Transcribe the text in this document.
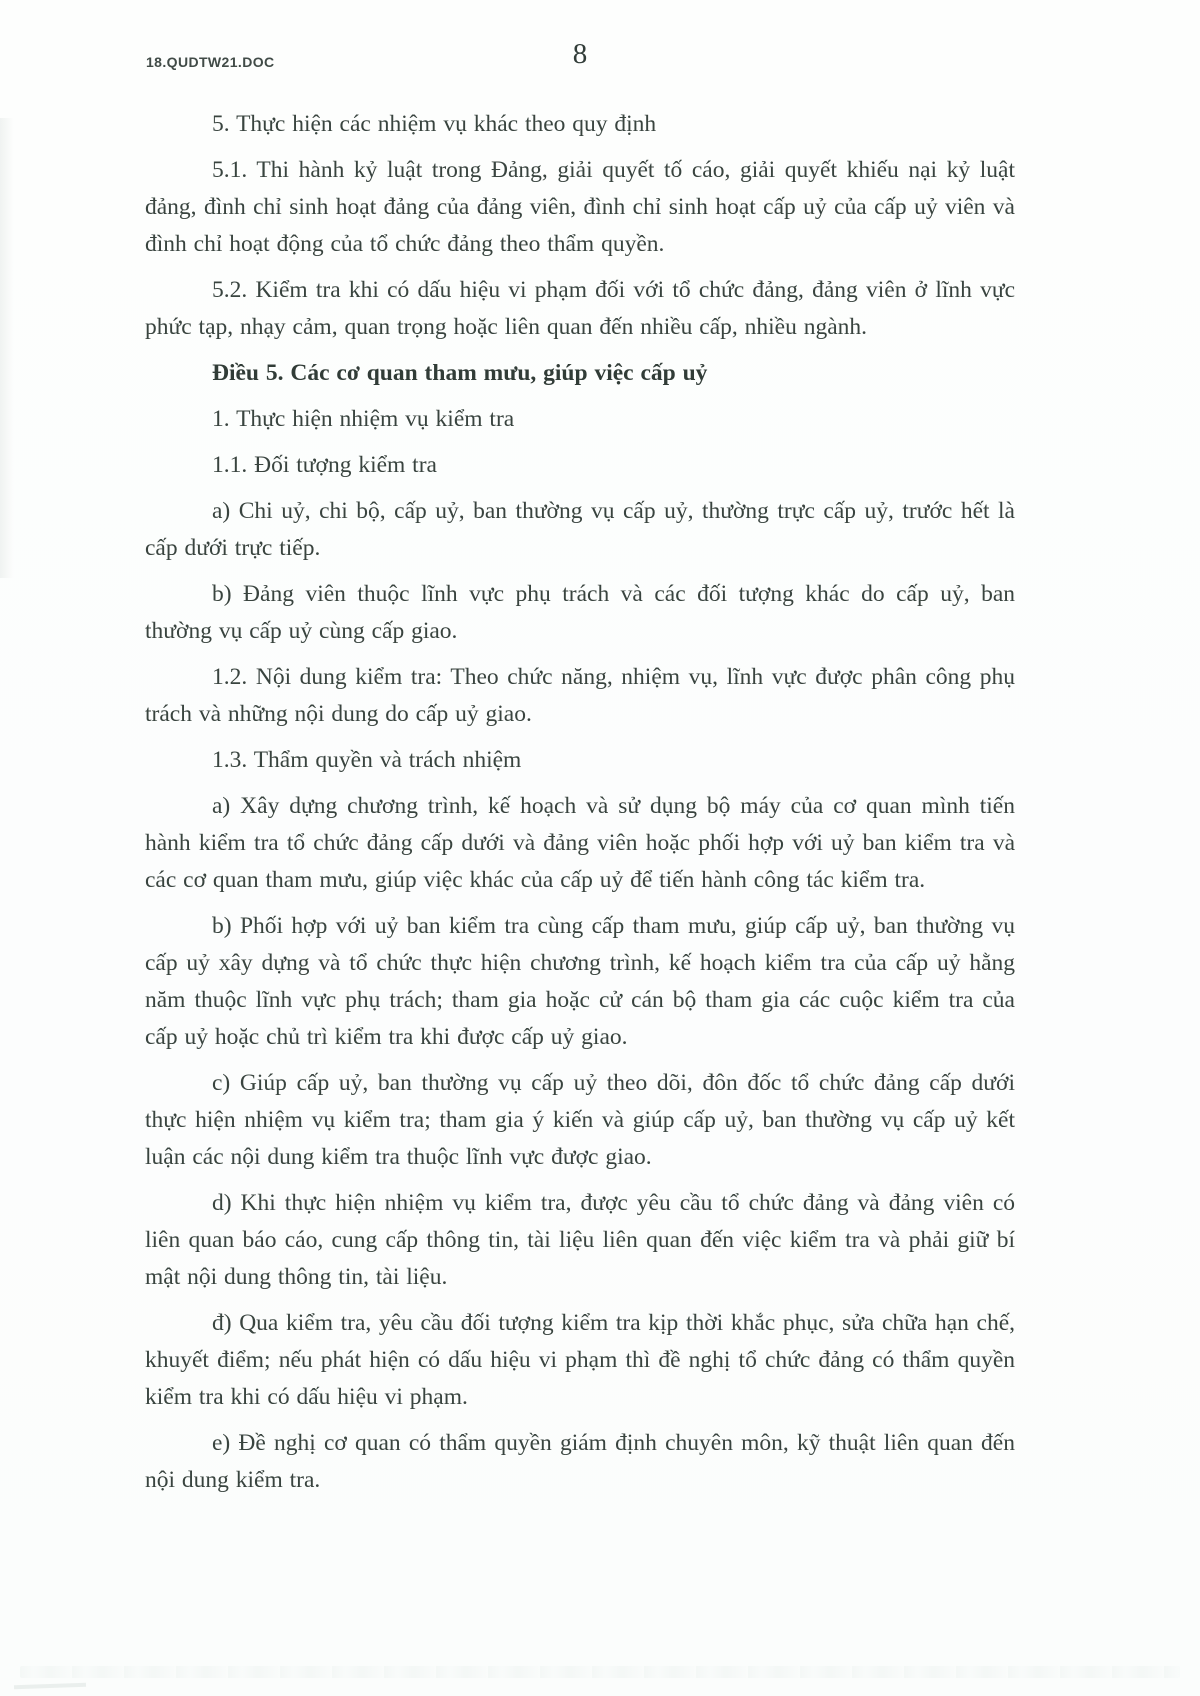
18.QUDTW21.DOC	8

5. Thực hiện các nhiệm vụ khác theo quy định

5.1. Thi hành kỷ luật trong Đảng, giải quyết tố cáo, giải quyết khiếu nại kỷ luật đảng, đình chỉ sinh hoạt đảng của đảng viên, đình chỉ sinh hoạt cấp uỷ của cấp uỷ viên và đình chỉ hoạt động của tổ chức đảng theo thẩm quyền.

5.2. Kiểm tra khi có dấu hiệu vi phạm đối với tổ chức đảng, đảng viên ở lĩnh vực phức tạp, nhạy cảm, quan trọng hoặc liên quan đến nhiều cấp, nhiều ngành.

Điều 5. Các cơ quan tham mưu, giúp việc cấp uỷ

1. Thực hiện nhiệm vụ kiểm tra

1.1. Đối tượng kiểm tra

a) Chi uỷ, chi bộ, cấp uỷ, ban thường vụ cấp uỷ, thường trực cấp uỷ, trước hết là cấp dưới trực tiếp.

b) Đảng viên thuộc lĩnh vực phụ trách và các đối tượng khác do cấp uỷ, ban thường vụ cấp uỷ cùng cấp giao.

1.2. Nội dung kiểm tra: Theo chức năng, nhiệm vụ, lĩnh vực được phân công phụ trách và những nội dung do cấp uỷ giao.

1.3. Thẩm quyền và trách nhiệm

a) Xây dựng chương trình, kế hoạch và sử dụng bộ máy của cơ quan mình tiến hành kiểm tra tổ chức đảng cấp dưới và đảng viên hoặc phối hợp với uỷ ban kiểm tra và các cơ quan tham mưu, giúp việc khác của cấp uỷ để tiến hành công tác kiểm tra.

b) Phối hợp với uỷ ban kiểm tra cùng cấp tham mưu, giúp cấp uỷ, ban thường vụ cấp uỷ xây dựng và tổ chức thực hiện chương trình, kế hoạch kiểm tra của cấp uỷ hằng năm thuộc lĩnh vực phụ trách; tham gia hoặc cử cán bộ tham gia các cuộc kiểm tra của cấp uỷ hoặc chủ trì kiểm tra khi được cấp uỷ giao.

c) Giúp cấp uỷ, ban thường vụ cấp uỷ theo dõi, đôn đốc tổ chức đảng cấp dưới thực hiện nhiệm vụ kiểm tra; tham gia ý kiến và giúp cấp uỷ, ban thường vụ cấp uỷ kết luận các nội dung kiểm tra thuộc lĩnh vực được giao.

d) Khi thực hiện nhiệm vụ kiểm tra, được yêu cầu tổ chức đảng và đảng viên có liên quan báo cáo, cung cấp thông tin, tài liệu liên quan đến việc kiểm tra và phải giữ bí mật nội dung thông tin, tài liệu.

đ) Qua kiểm tra, yêu cầu đối tượng kiểm tra kịp thời khắc phục, sửa chữa hạn chế, khuyết điểm; nếu phát hiện có dấu hiệu vi phạm thì đề nghị tổ chức đảng có thẩm quyền kiểm tra khi có dấu hiệu vi phạm.

e) Đề nghị cơ quan có thẩm quyền giám định chuyên môn, kỹ thuật liên quan đến nội dung kiểm tra.
